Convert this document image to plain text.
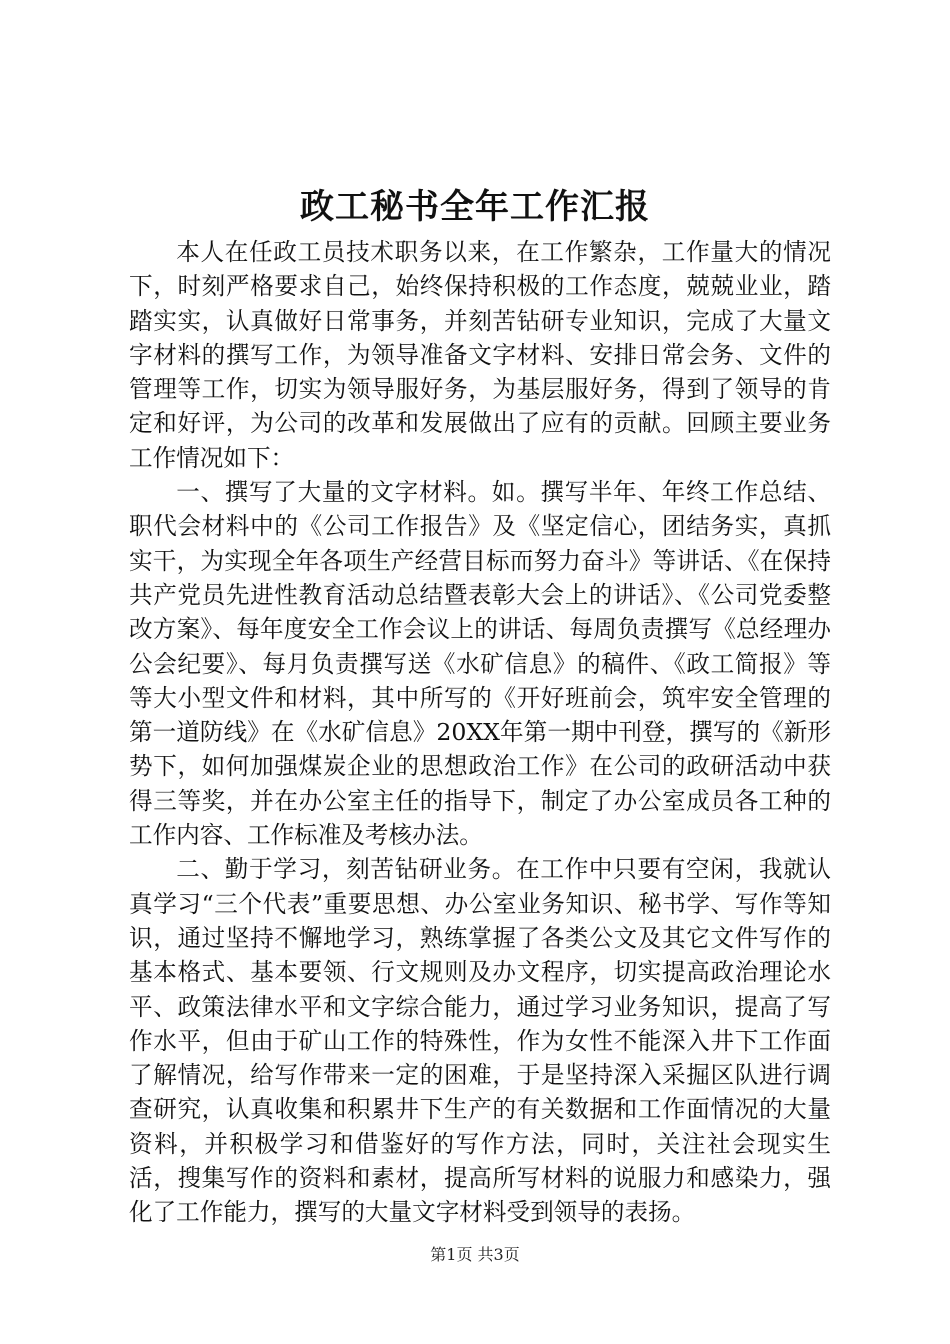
政工秘书全年工作汇报

本人在任政工员技术职务以来，在工作繁杂，工作量大的情况下，时刻严格要求自己，始终保持积极的工作态度，兢兢业业，踏踏实实，认真做好日常事务，并刻苦钻研专业知识，完成了大量文字材料的撰写工作，为领导准备文字材料、安排日常会务、文件的管理等工作，切实为领导服好务，为基层服好务，得到了领导的肯定和好评，为公司的改革和发展做出了应有的贡献。回顾主要业务工作情况如下：

一、撰写了大量的文字材料。如。撰写半年、年终工作总结、职代会材料中的《公司工作报告》及《坚定信心，团结务实，真抓实干，为实现全年各项生产经营目标而努力奋斗》等讲话、《在保持共产党员先进性教育活动总结暨表彰大会上的讲话》、《公司党委整改方案》、每年度安全工作会议上的讲话、每周负责撰写《总经理办公会纪要》、每月负责撰写送《水矿信息》的稿件、《政工简报》等等大小型文件和材料，其中所写的《开好班前会，筑牢安全管理的第一道防线》在《水矿信息》20XX年第一期中刊登，撰写的《新形势下，如何加强煤炭企业的思想政治工作》在公司的政研活动中获得三等奖，并在办公室主任的指导下，制定了办公室成员各工种的工作内容、工作标准及考核办法。

二、勤于学习，刻苦钻研业务。在工作中只要有空闲，我就认真学习“三个代表”重要思想、办公室业务知识、秘书学、写作等知识，通过坚持不懈地学习，熟练掌握了各类公文及其它文件写作的基本格式、基本要领、行文规则及办文程序，切实提高政治理论水平、政策法律水平和文字综合能力，通过学习业务知识，提高了写作水平，但由于矿山工作的特殊性，作为女性不能深入井下工作面了解情况，给写作带来一定的困难，于是坚持深入采掘区队进行调查研究，认真收集和积累井下生产的有关数据和工作面情况的大量资料，并积极学习和借鉴好的写作方法，同时，关注社会现实生活，搜集写作的资料和素材，提高所写材料的说服力和感染力，强化了工作能力，撰写的大量文字材料受到领导的表扬。

第1页 共3页
